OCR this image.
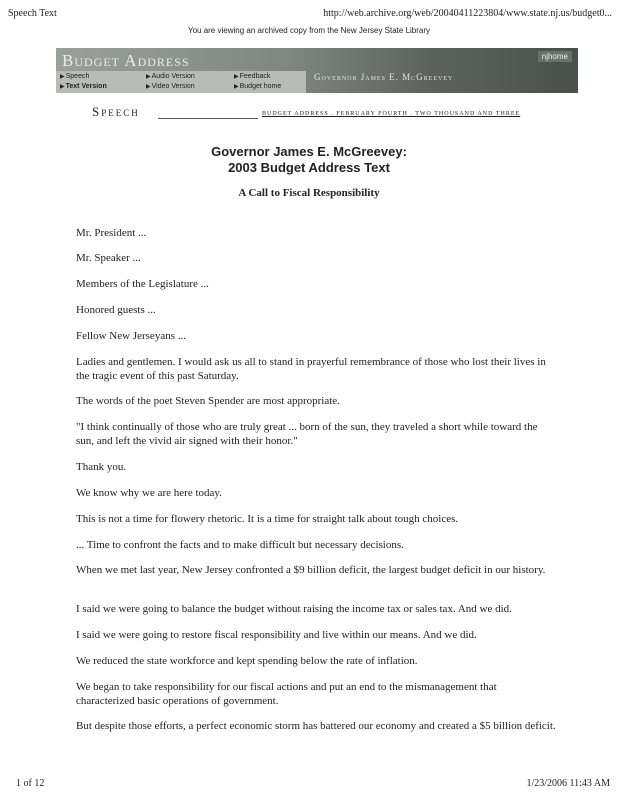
Speech Text	http://web.archive.org/web/20040411223804/www.state.nj.us/budget0...
You are viewing an archived copy from the New Jersey State Library
Budget Address	njhome
Governor James E. McGreevey
▶Speech
▶Text Version
▶Audio Version
▶Video Version
▶Feedback
▶Budget home
Speech	BUDGET ADDRESS . FEBRUARY FOURTH . TWO THOUSAND AND THREE
Governor James E. McGreevey:
2003 Budget Address Text
A Call to Fiscal Responsibility

Mr. President ...

Mr. Speaker ...

Members of the Legislature ...

Honored guests ...

Fellow New Jerseyans ...

Ladies and gentlemen. I would ask us all to stand in prayerful remembrance of those who lost their lives in the tragic event of this past Saturday.

The words of the poet Steven Spender are most appropriate.

"I think continually of those who are truly great ... born of the sun, they traveled a short while toward the sun, and left the vivid air signed with their honor."

Thank you.

We know why we are here today.

This is not a time for flowery rhetoric. It is a time for straight talk about tough choices.

... Time to confront the facts and to make difficult but necessary decisions.

When we met last year, New Jersey confronted a $9 billion deficit, the largest budget deficit in our history.

I said we were going to balance the budget without raising the income tax or sales tax. And we did.

I said we were going to restore fiscal responsibility and live within our means. And we did.

We reduced the state workforce and kept spending below the rate of inflation.

We began to take responsibility for our fiscal actions and put an end to the mismanagement that characterized basic operations of government.

But despite those efforts, a perfect economic storm has battered our economy and created a $5 billion deficit.

1 of 12	1/23/2006 11:43 AM
